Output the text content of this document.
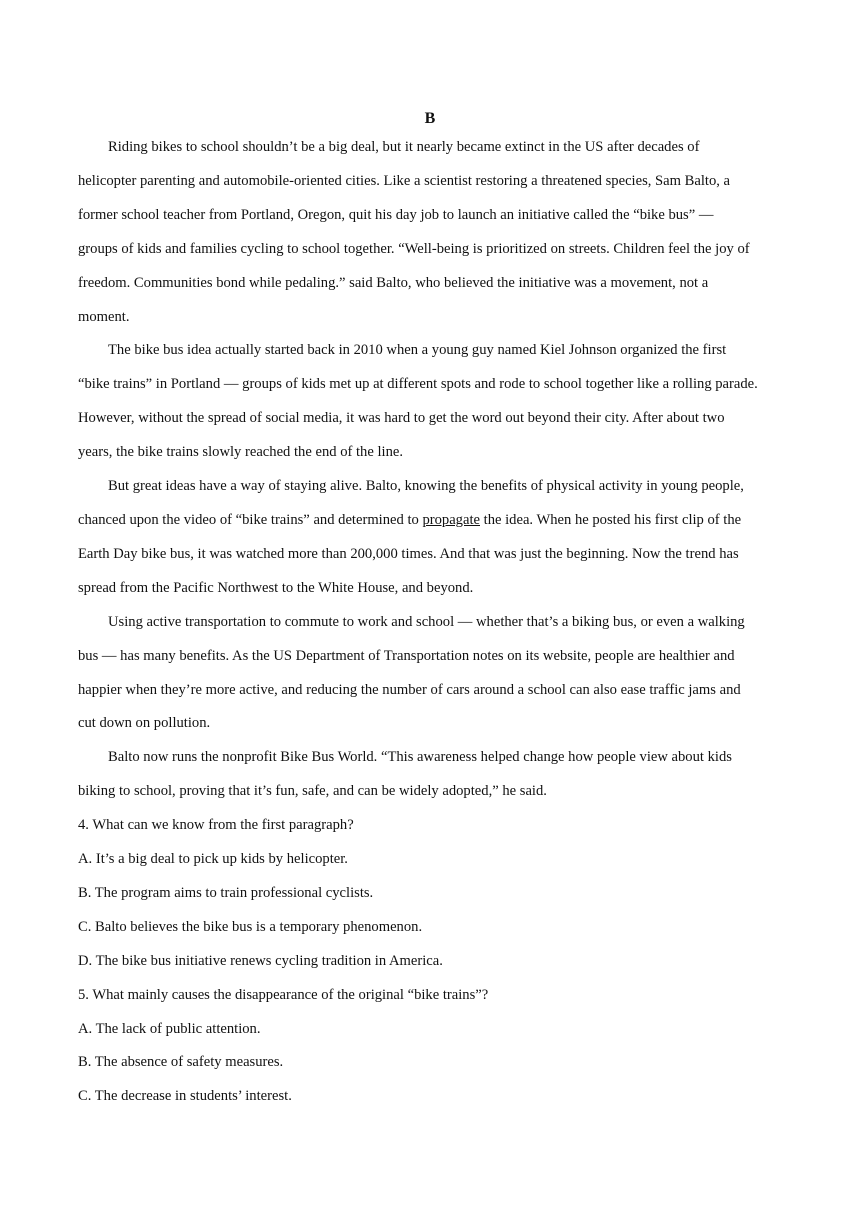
B
Riding bikes to school shouldn’t be a big deal, but it nearly became extinct in the US after decades of
helicopter parenting and automobile-oriented cities. Like a scientist restoring a threatened species, Sam Balto, a
former school teacher from Portland, Oregon, quit his day job to launch an initiative called the “bike bus” —
groups of kids and families cycling to school together. “Well-being is prioritized on streets. Children feel the joy of
freedom. Communities bond while pedaling.” said Balto, who believed the initiative was a movement, not a
moment.
The bike bus idea actually started back in 2010 when a young guy named Kiel Johnson organized the first
“bike trains” in Portland — groups of kids met up at different spots and rode to school together like a rolling parade.
However, without the spread of social media, it was hard to get the word out beyond their city. After about two
years, the bike trains slowly reached the end of the line.
But great ideas have a way of staying alive. Balto, knowing the benefits of physical activity in young people,
chanced upon the video of “bike trains” and determined to propagate the idea. When he posted his first clip of the
Earth Day bike bus, it was watched more than 200,000 times. And that was just the beginning. Now the trend has
spread from the Pacific Northwest to the White House, and beyond.
Using active transportation to commute to work and school — whether that’s a biking bus, or even a walking
bus — has many benefits. As the US Department of Transportation notes on its website, people are healthier and
happier when they’re more active, and reducing the number of cars around a school can also ease traffic jams and
cut down on pollution.
Balto now runs the nonprofit Bike Bus World. “This awareness helped change how people view about kids
biking to school, proving that it’s fun, safe, and can be widely adopted,” he said.
4. What can we know from the first paragraph?
A. It’s a big deal to pick up kids by helicopter.
B. The program aims to train professional cyclists.
C. Balto believes the bike bus is a temporary phenomenon.
D. The bike bus initiative renews cycling tradition in America.
5. What mainly causes the disappearance of the original “bike trains”?
A. The lack of public attention.
B. The absence of safety measures.
C. The decrease in students’ interest.
